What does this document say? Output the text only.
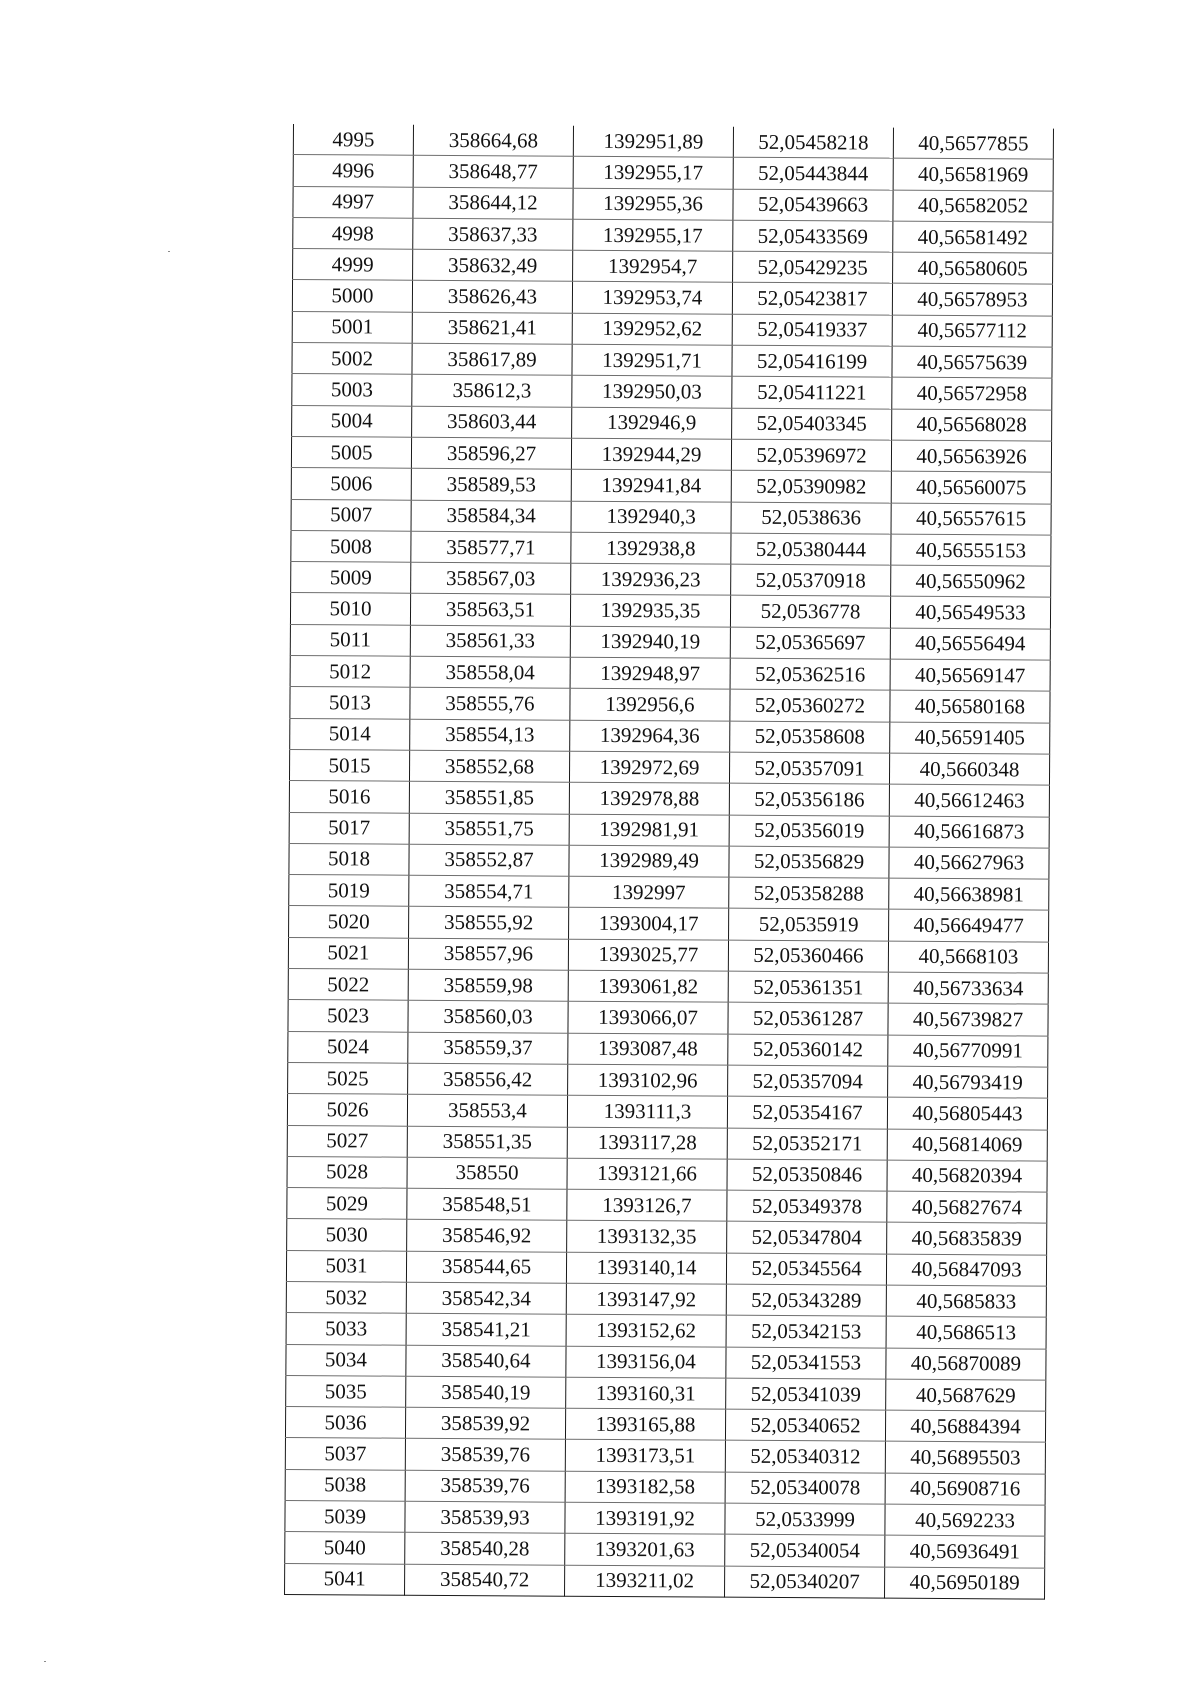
4995	358664,68	1392951,89	52,05458218	40,56577855
4996	358648,77	1392955,17	52,05443844	40,56581969
4997	358644,12	1392955,36	52,05439663	40,56582052
4998	358637,33	1392955,17	52,05433569	40,56581492
4999	358632,49	1392954,7	52,05429235	40,56580605
5000	358626,43	1392953,74	52,05423817	40,56578953
5001	358621,41	1392952,62	52,05419337	40,56577112
5002	358617,89	1392951,71	52,05416199	40,56575639
5003	358612,3	1392950,03	52,05411221	40,56572958
5004	358603,44	1392946,9	52,05403345	40,56568028
5005	358596,27	1392944,29	52,05396972	40,56563926
5006	358589,53	1392941,84	52,05390982	40,56560075
5007	358584,34	1392940,3	52,0538636	40,56557615
5008	358577,71	1392938,8	52,05380444	40,56555153
5009	358567,03	1392936,23	52,05370918	40,56550962
5010	358563,51	1392935,35	52,0536778	40,56549533
5011	358561,33	1392940,19	52,05365697	40,56556494
5012	358558,04	1392948,97	52,05362516	40,56569147
5013	358555,76	1392956,6	52,05360272	40,56580168
5014	358554,13	1392964,36	52,05358608	40,56591405
5015	358552,68	1392972,69	52,05357091	40,5660348
5016	358551,85	1392978,88	52,05356186	40,56612463
5017	358551,75	1392981,91	52,05356019	40,56616873
5018	358552,87	1392989,49	52,05356829	40,56627963
5019	358554,71	1392997	52,05358288	40,56638981
5020	358555,92	1393004,17	52,0535919	40,56649477
5021	358557,96	1393025,77	52,05360466	40,5668103
5022	358559,98	1393061,82	52,05361351	40,56733634
5023	358560,03	1393066,07	52,05361287	40,56739827
5024	358559,37	1393087,48	52,05360142	40,56770991
5025	358556,42	1393102,96	52,05357094	40,56793419
5026	358553,4	1393111,3	52,05354167	40,56805443
5027	358551,35	1393117,28	52,05352171	40,56814069
5028	358550	1393121,66	52,05350846	40,56820394
5029	358548,51	1393126,7	52,05349378	40,56827674
5030	358546,92	1393132,35	52,05347804	40,56835839
5031	358544,65	1393140,14	52,05345564	40,56847093
5032	358542,34	1393147,92	52,05343289	40,5685833
5033	358541,21	1393152,62	52,05342153	40,5686513
5034	358540,64	1393156,04	52,05341553	40,56870089
5035	358540,19	1393160,31	52,05341039	40,5687629
5036	358539,92	1393165,88	52,05340652	40,56884394
5037	358539,76	1393173,51	52,05340312	40,56895503
5038	358539,76	1393182,58	52,05340078	40,56908716
5039	358539,93	1393191,92	52,0533999	40,5692233
5040	358540,28	1393201,63	52,05340054	40,56936491
5041	358540,72	1393211,02	52,05340207	40,56950189
